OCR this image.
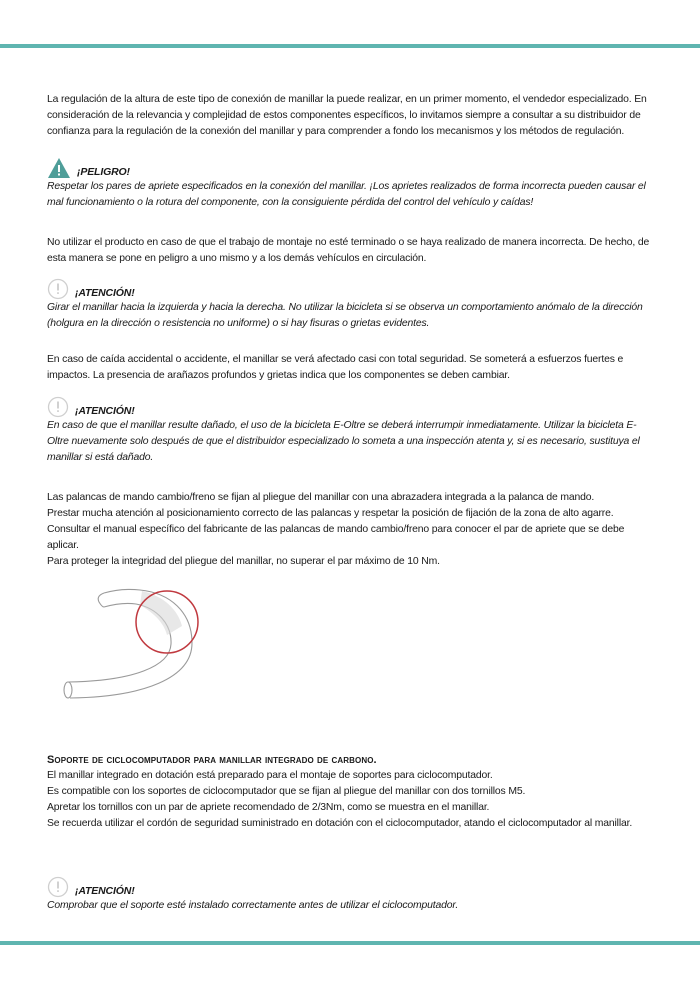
La regulación de la altura de este tipo de conexión de manillar la puede realizar, en un primer momento, el vendedor especializado. En consideración de la relevancia y complejidad de estos componentes específicos, lo invitamos siempre a consultar a su distribuidor de confianza para la regulación de la conexión del manillar y para comprender a fondo los mecanismos y los métodos de regulación.

¡PELIGRO!

Respetar los pares de apriete especificados en la conexión del manillar. ¡Los aprietes realizados de forma incorrecta pueden causar el mal funcionamiento o la rotura del componente, con la consiguiente pérdida del control del vehículo y caídas!

No utilizar el producto en caso de que el trabajo de montaje no esté terminado o se haya realizado de manera incorrecta. De hecho, de esta manera se pone en peligro a uno mismo y a los demás vehículos en circulación.

¡ATENCIÓN!

Girar el manillar hacia la izquierda y hacia la derecha. No utilizar la bicicleta si se observa un comportamiento anómalo de la dirección (holgura en la dirección o resistencia no uniforme) o si hay fisuras o grietas evidentes.

En caso de caída accidental o accidente, el manillar se verá afectado casi con total seguridad. Se someterá a esfuerzos fuertes e impactos. La presencia de arañazos profundos y grietas indica que los componentes se deben cambiar.

¡ATENCIÓN!

En caso de que el manillar resulte dañado, el uso de la bicicleta E-Oltre se deberá interrumpir inmediatamente. Utilizar la bicicleta E-Oltre nuevamente solo después de que el distribuidor especializado lo someta a una inspección atenta y, si es necesario, sustituya el manillar si está dañado.

Las palancas de mando cambio/freno se fijan al pliegue del manillar con una abrazadera integrada a la palanca de mando.

Prestar mucha atención al posicionamiento correcto de las palancas y respetar la posición de fijación de la zona de alto agarre. Consultar el manual específico del fabricante de las palancas de mando cambio/freno para conocer el par de apriete que se debe aplicar.

Para proteger la integridad del pliegue del manillar, no superar el par máximo de 10 Nm.

Soporte de ciclocomputador para manillar integrado de carbono.

El manillar integrado en dotación está preparado para el montaje de soportes para ciclocomputador.

Es compatible con los soportes de ciclocomputador que se fijan al pliegue del manillar con dos tornillos M5.

Apretar los tornillos con un par de apriete recomendado de 2/3Nm, como se muestra en el manillar.

Se recuerda utilizar el cordón de seguridad suministrado en dotación con el ciclocomputador, atando el ciclocomputador al manillar.

¡ATENCIÓN!

Comprobar que el soporte esté instalado correctamente antes de utilizar el ciclocomputador.
